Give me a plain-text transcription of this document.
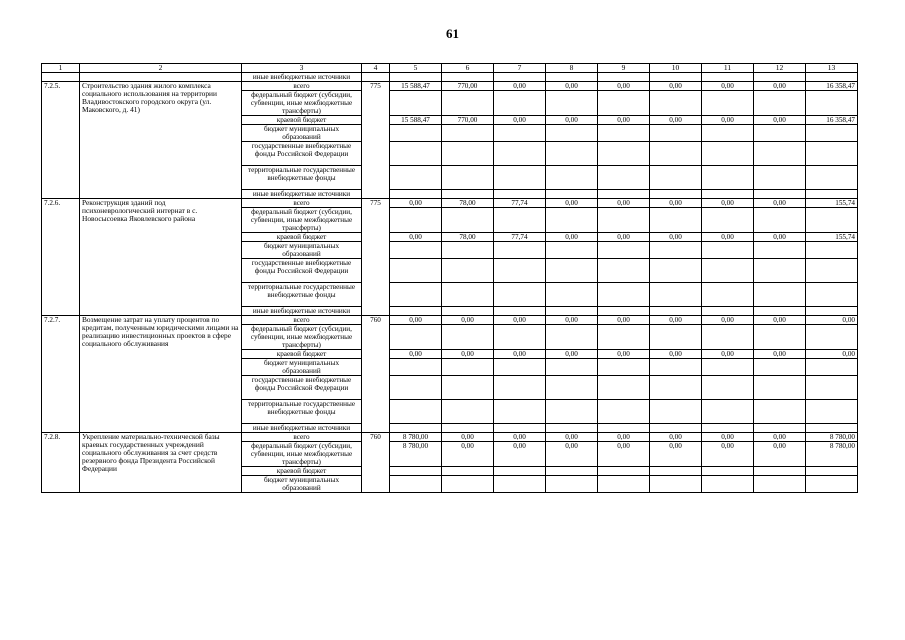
61
1	2	3	4	5	6	7	8	9	10	11	12	13
		иные внебюджетные источники										
7.2.5.	Строительство здания жилого комплекса социального использования на территории Владивостокского городского округа (ул. Маковского, д. 41)	всего	775	15 588,47	770,00	0,00	0,00	0,00	0,00	0,00	0,00	16 358,47
		федеральный бюджет (субсидии, субвенции, иные межбюджетные трансферты)										
		краевой бюджет		15 588,47	770,00	0,00	0,00	0,00	0,00	0,00	0,00	16 358,47
		бюджет муниципальных образований										
		государственные внебюджетные фонды Российской Федерации										
		территориальные государственные внебюджетные фонды										
		иные внебюджетные источники										
7.2.6.	Реконструкция зданий под психоневрологический интернат в с. Новосысоевка Яковлевского района	всего	775	0,00	78,00	77,74	0,00	0,00	0,00	0,00	0,00	155,74
		федеральный бюджет (субсидии, субвенции, иные межбюджетные трансферты)										
		краевой бюджет		0,00	78,00	77,74	0,00	0,00	0,00	0,00	0,00	155,74
		бюджет муниципальных образований										
		государственные внебюджетные фонды Российской Федерации										
		территориальные государственные внебюджетные фонды										
		иные внебюджетные источники										
7.2.7.	Возмещение затрат на уплату процентов по кредитам, полученным юридическими лицами на реализацию инвестиционных проектов в сфере социального обслуживания	всего	760	0,00	0,00	0,00	0,00	0,00	0,00	0,00	0,00	0,00
		федеральный бюджет (субсидии, субвенции, иные межбюджетные трансферты)										
		краевой бюджет		0,00	0,00	0,00	0,00	0,00	0,00	0,00	0,00	0,00
		бюджет муниципальных образований										
		государственные внебюджетные фонды Российской Федерации										
		территориальные государственные внебюджетные фонды										
		иные внебюджетные источники										
7.2.8.	Укрепление материально-технической базы краевых государственных учреждений социального обслуживания за счет средств резервного фонда Президента Российской Федерации	всего	760	8 780,00	0,00	0,00	0,00	0,00	0,00	0,00	0,00	8 780,00
		федеральный бюджет (субсидии, субвенции, иные межбюджетные трансферты)		8 780,00	0,00	0,00	0,00	0,00	0,00	0,00	0,00	8 780,00
		краевой бюджет										
		бюджет муниципальных образований										
